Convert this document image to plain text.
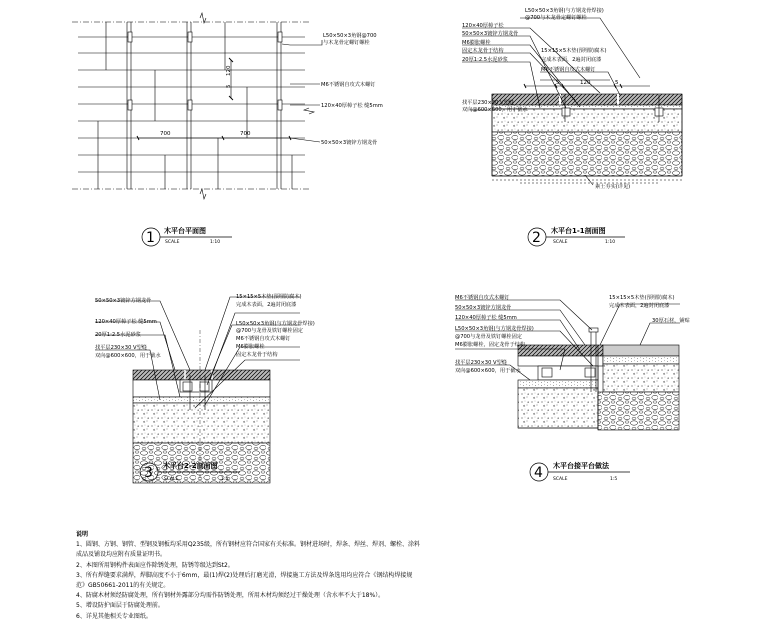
L50×50×3角钢@700
与木龙骨定螺钉螺栓
M6不锈钢自攻式木螺钉
120×40厚樟子松 缝5mm
50×50×3镀锌方钢龙骨
120
5
700	700
1 木平台平面图
SCALE	1:10
L50×50×3角钢(与方钢龙骨焊接)
@700与木龙骨定螺钉螺栓
120×40厚樟子松
50×50×3镀锌方钢龙骨
M6膨胀螺栓
固定木龙骨于结构
20厚1:2.5水泥砂浆
15×15×5木垫(预埋防腐木)
完成木表面，2遍封闭底漆
M6不锈钢自攻式木螺钉
找平层230×30 V型缝
双向@600×600，用于截水
5	120	5
素土夯实(详见)
2 木平台1-1剖面图
SCALE	1:10
50×50×3镀锌方钢龙骨
120×40厚樟子松 缝5mm
20厚1:2.5水泥砂浆
找平层230×30 V型缝
双向@600×600，用于截水
15×15×5木垫(预埋防腐木)
完成木表面，2遍封闭底漆
L50×50×3角钢(与方钢龙骨焊接)
@700与龙骨及铁钉螺栓固定
M6不锈钢自攻式木螺钉
M6膨胀螺栓
固定木龙骨于结构
3 木平台2-2剖面图
SCALE	1:5
M6不锈钢自攻式木螺钉
50×50×3镀锌方钢龙骨
120×40厚樟子松 缝5mm
L50×50×3角钢(与方钢龙骨焊接)
@700与龙骨及铁钉螺栓固定
M6膨胀螺栓，固定龙骨于结构
找平层230×30 V型缝
双向@600×600，用于截水
15×15×5木垫(预埋防腐木)
完成木表面，2遍封闭底漆
30厚石材，铺贴
4 木平台接平台做法
SCALE	1:5
说明
1、圆钢、方钢、钢管、型钢及钢板均采用Q235级，所有钢材应符合国家有关标准。钢材进场时，焊条、焊丝、焊剂、螺栓、涂料
成品及铺设均应附有质量证明书。
2、本图所用钢构件表面应作除锈处理，防锈等级达到St2。
3、所有焊缝要求满焊，焊脚高度不小于6mm，最(1)焊(2)处理后打磨光滑，焊接施工方法及焊条选用均应符合《钢结构焊接规
范》GB50661-2011的有关规定。
4、防腐木材须经防腐处理，所有钢材外露部分均需作防锈处理，所用木材均须经过干燥处理（含水率不大于18%）。
5、增设防护面层于防腐处理前。
6、详见其他相关专业图纸。
